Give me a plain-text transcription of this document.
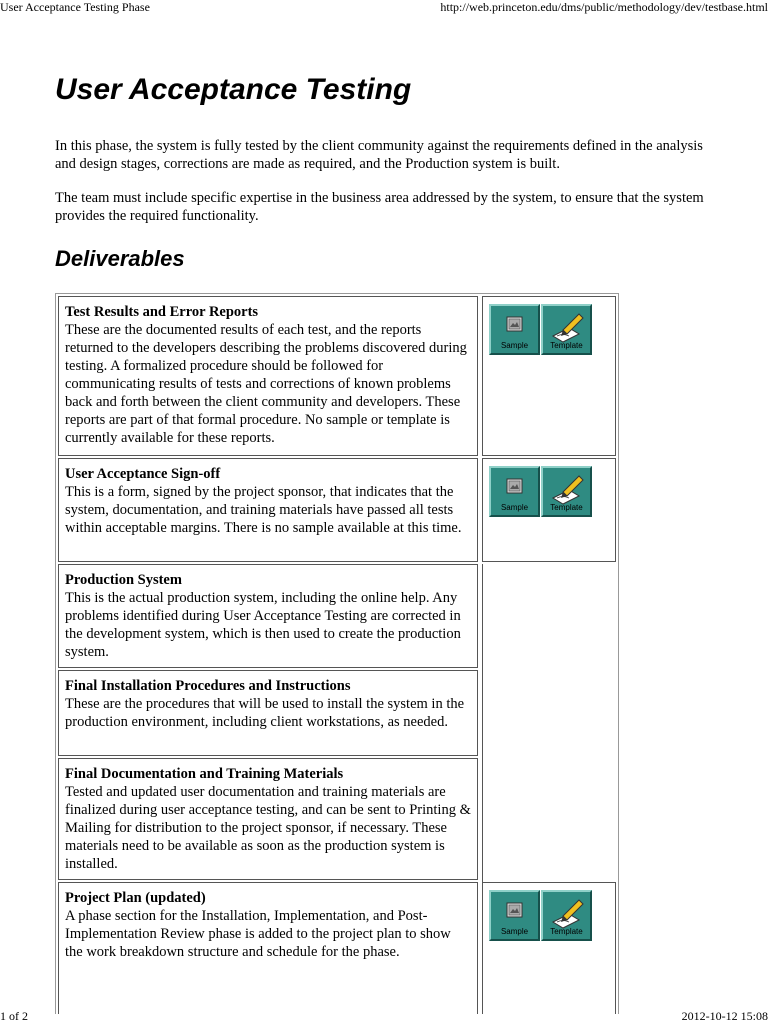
User Acceptance Testing Phase	http://web.princeton.edu/dms/public/methodology/dev/testbase.html
User Acceptance Testing

In this phase, the system is fully tested by the client community against the requirements defined in the analysis and design stages, corrections are made as required, and the Production system is built.

The team must include specific expertise in the business area addressed by the system, to ensure that the system provides the required functionality.

Deliverables
Test Results and Error Reports
These are the documented results of each test, and the reports returned to the developers describing the problems discovered during testing. A formalized procedure should be followed for communicating results of tests and corrections of known problems back and forth between the client community and developers. These reports are part of that formal procedure. No sample or template is currently available for these reports.
Sample	Template
User Acceptance Sign-off
This is a form, signed by the project sponsor, that indicates that the system, documentation, and training materials have passed all tests within acceptable margins. There is no sample available at this time.
Sample	Template
Production System
This is the actual production system, including the online help. Any problems identified during User Acceptance Testing are corrected in the development system, which is then used to create the production system.
Final Installation Procedures and Instructions
These are the procedures that will be used to install the system in the production environment, including client workstations, as needed.
Final Documentation and Training Materials
Tested and updated user documentation and training materials are finalized during user acceptance testing, and can be sent to Printing & Mailing for distribution to the project sponsor, if necessary. These materials need to be available as soon as the production system is installed.
Project Plan (updated)
A phase section for the Installation, Implementation, and Post-Implementation Review phase is added to the project plan to show the work breakdown structure and schedule for the phase.
Sample	Template
1 of 2	2012-10-12 15:08
